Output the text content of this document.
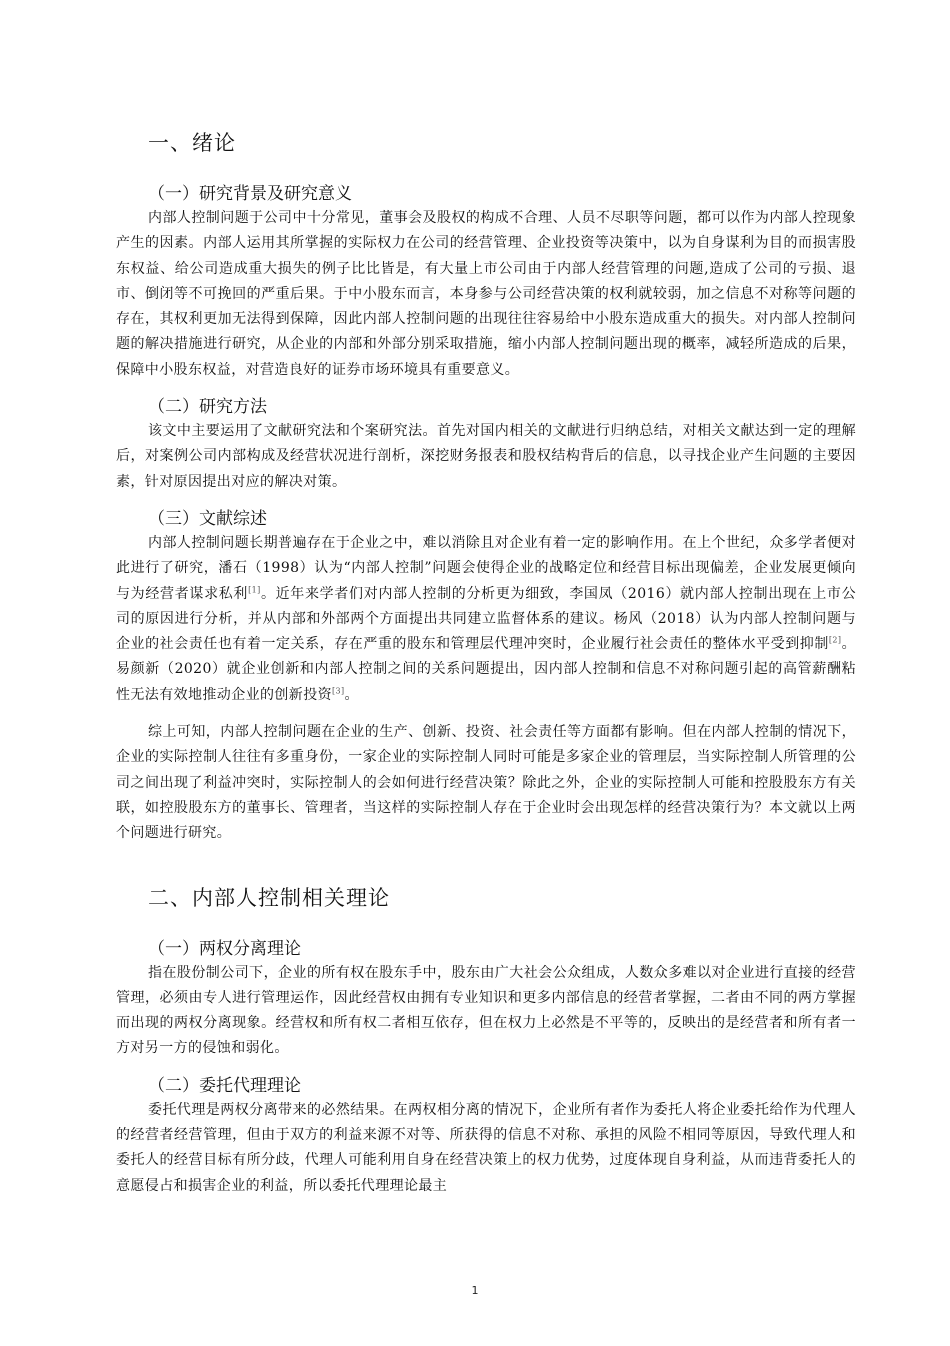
一、绪论
（一）研究背景及研究意义

内部人控制问题于公司中十分常见，董事会及股权的构成不合理、人员不尽职等问题，都可以作为内部人控现象产生的因素。内部人运用其所掌握的实际权力在公司的经营管理、企业投资等决策中，以为自身谋利为目的而损害股东权益、给公司造成重大损失的例子比比皆是，有大量上市公司由于内部人经营管理的问题,造成了公司的亏损、退市、倒闭等不可挽回的严重后果。于中小股东而言，本身参与公司经营决策的权利就较弱，加之信息不对称等问题的存在，其权利更加无法得到保障，因此内部人控制问题的出现往往容易给中小股东造成重大的损失。对内部人控制问题的解决措施进行研究，从企业的内部和外部分别采取措施，缩小内部人控制问题出现的概率，减轻所造成的后果，保障中小股东权益，对营造良好的证券市场环境具有重要意义。

（二）研究方法

该文中主要运用了文献研究法和个案研究法。首先对国内相关的文献进行归纳总结，对相关文献达到一定的理解后，对案例公司内部构成及经营状况进行剖析，深挖财务报表和股权结构背后的信息，以寻找企业产生问题的主要因素，针对原因提出对应的解决对策。

（三）文献综述

内部人控制问题长期普遍存在于企业之中，难以消除且对企业有着一定的影响作用。在上个世纪，众多学者便对此进行了研究，潘石（1998）认为“内部人控制”问题会使得企业的战略定位和经营目标出现偏差，企业发展更倾向与为经营者谋求私利[1]。近年来学者们对内部人控制的分析更为细致，李国凤（2016）就内部人控制出现在上市公司的原因进行分析，并从内部和外部两个方面提出共同建立监督体系的建议。杨风（2018）认为内部人控制问题与企业的社会责任也有着一定关系，存在严重的股东和管理层代理冲突时，企业履行社会责任的整体水平受到抑制[2]。易颜新（2020）就企业创新和内部人控制之间的关系问题提出，因内部人控制和信息不对称问题引起的高管薪酬粘性无法有效地推动企业的创新投资[3]。

综上可知，内部人控制问题在企业的生产、创新、投资、社会责任等方面都有影响。但在内部人控制的情况下，企业的实际控制人往往有多重身份，一家企业的实际控制人同时可能是多家企业的管理层，当实际控制人所管理的公司之间出现了利益冲突时，实际控制人的会如何进行经营决策？除此之外，企业的实际控制人可能和控股股东方有关联，如控股股东方的董事长、管理者，当这样的实际控制人存在于企业时会出现怎样的经营决策行为？本文就以上两个问题进行研究。

二、内部人控制相关理论
（一）两权分离理论

指在股份制公司下，企业的所有权在股东手中，股东由广大社会公众组成，人数众多难以对企业进行直接的经营管理，必须由专人进行管理运作，因此经营权由拥有专业知识和更多内部信息的经营者掌握，二者由不同的两方掌握而出现的两权分离现象。经营权和所有权二者相互依存，但在权力上必然是不平等的，反映出的是经营者和所有者一方对另一方的侵蚀和弱化。

（二）委托代理理论

委托代理是两权分离带来的必然结果。在两权相分离的情况下，企业所有者作为委托人将企业委托给作为代理人的经营者经营管理，但由于双方的利益来源不对等、所获得的信息不对称、承担的风险不相同等原因，导致代理人和委托人的经营目标有所分歧，代理人可能利用自身在经营决策上的权力优势，过度体现自身利益，从而违背委托人的意愿侵占和损害企业的利益，所以委托代理理论最主

1
